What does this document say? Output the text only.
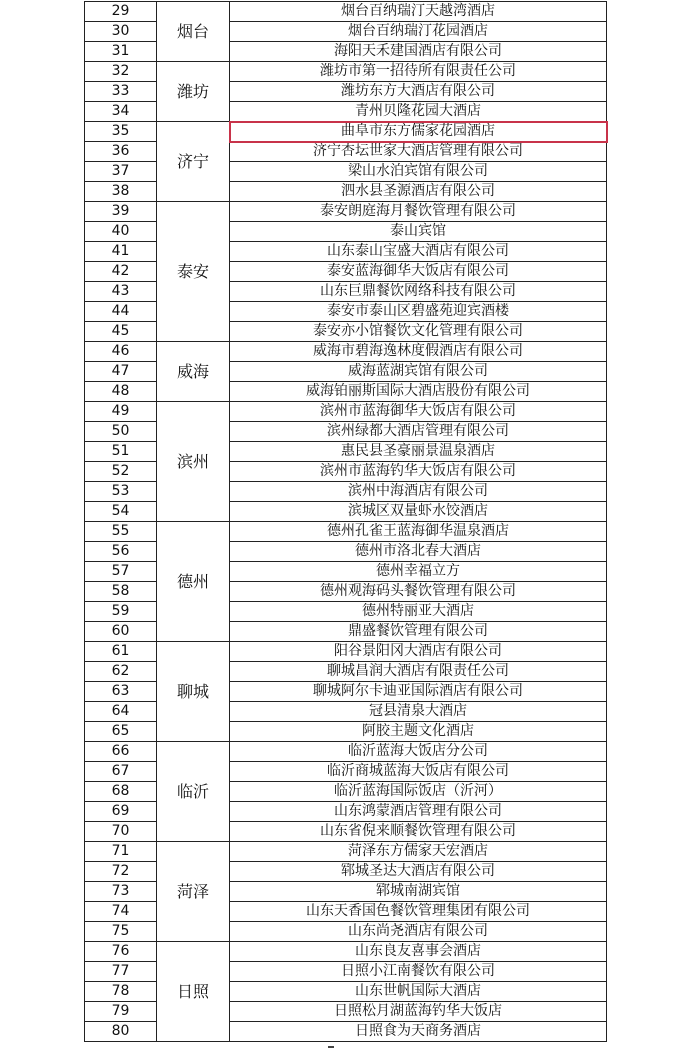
29	烟台	烟台百纳瑞汀天越湾酒店
30		烟台百纳瑞汀花园酒店
31		海阳天禾建国酒店有限公司
32	潍坊	潍坊市第一招待所有限责任公司
33		潍坊东方大酒店有限公司
34		青州贝隆花园大酒店
35	济宁	曲阜市东方儒家花园酒店
36		济宁杏坛世家大酒店管理有限公司
37		梁山水泊宾馆有限公司
38		泗水县圣源酒店有限公司
39	泰安	泰安朗庭海月餐饮管理有限公司
40		泰山宾馆
41		山东泰山宝盛大酒店有限公司
42		泰安蓝海御华大饭店有限公司
43		山东巨鼎餐饮网络科技有限公司
44		泰安市泰山区碧盛苑迎宾酒楼
45		泰安亦小馆餐饮文化管理有限公司
46	威海	威海市碧海逸林度假酒店有限公司
47		威海蓝湖宾馆有限公司
48		威海铂丽斯国际大酒店股份有限公司
49	滨州	滨州市蓝海御华大饭店有限公司
50		滨州绿都大酒店管理有限公司
51		惠民县圣豪丽景温泉酒店
52		滨州市蓝海钓华大饭店有限公司
53		滨州中海酒店有限公司
54		滨城区双量虾水饺酒店
55	德州	德州孔雀王蓝海御华温泉酒店
56		德州市洛北春大酒店
57		德州幸福立方
58		德州观海码头餐饮管理有限公司
59		德州特丽亚大酒店
60		鼎盛餐饮管理有限公司
61	聊城	阳谷景阳冈大酒店有限公司
62		聊城昌润大酒店有限责任公司
63		聊城阿尔卡迪亚国际酒店有限公司
64		冠县清泉大酒店
65		阿胶主题文化酒店
66	临沂	临沂蓝海大饭店分公司
67		临沂商城蓝海大饭店有限公司
68		临沂蓝海国际饭店（沂河）
69		山东鸿蒙酒店管理有限公司
70		山东省倪来顺餐饮管理有限公司
71	菏泽	菏泽东方儒家天宏酒店
72		郓城圣达大酒店有限公司
73		郓城南湖宾馆
74		山东天香国色餐饮管理集团有限公司
75		山东尚尧酒店有限公司
76	日照	山东良友喜事会酒店
77		日照小江南餐饮有限公司
78		山东世帆国际大酒店
79		日照松月湖蓝海钓华大饭店
80		日照食为天商务酒店
